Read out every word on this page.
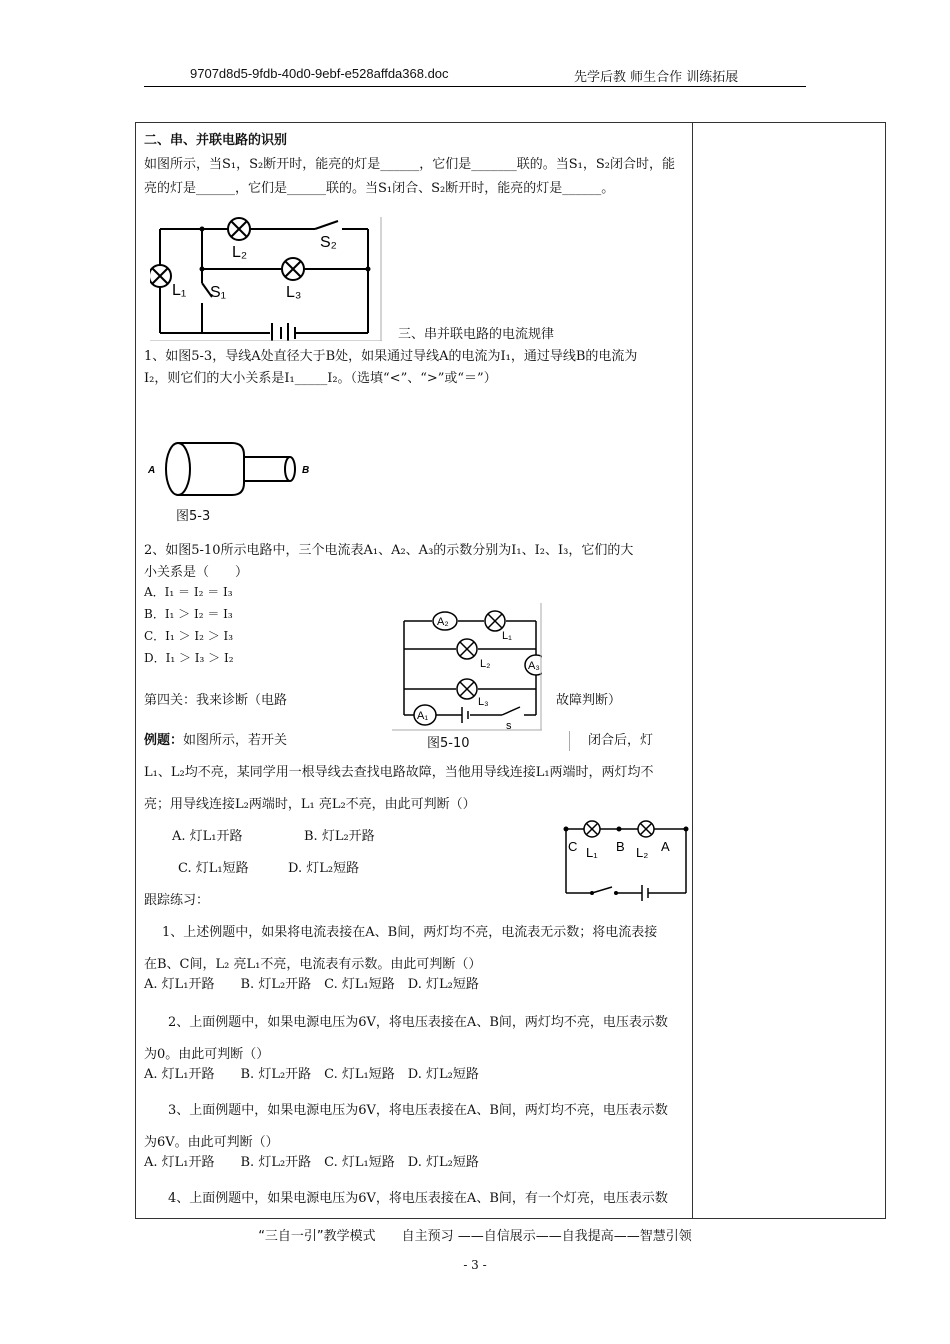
9707d8d5-9fdb-40d0-9ebf-e528affda368.doc	先学后教 师生合作 训练拓展
二、串、并联电路的识别
如图所示，当S₁，S₂断开时，能亮的灯是______，它们是_______联的。当S₁，S₂闭合时，能
亮的灯是______，它们是______联的。当S₁闭合、S₂断开时，能亮的灯是______。
L₂
S₂
L₃
L₁ S₁
三、串并联电路的电流规律
1、如图5-3，导线A处直径大于B处，如果通过导线A的电流为I₁，通过导线B的电流为
I₂，则它们的大小关系是I₁_____I₂。（选填“<”、“>”或“＝”）
A	B
图5-3
2、如图5-10所示电路中，三个电流表A₁、A₂、A₃的示数分别为I₁、I₂、I₃，它们的大
小关系是（　　）
A．I₁ ＝ I₂ ＝ I₃
B．I₁ ＞ I₂ ＝ I₃
C．I₁ ＞ I₂ ＞ I₃
D．I₁ ＞ I₃ ＞ I₂
A₂
L₁
L₂	A₃
L₃
A₁
s
图5-10
第四关：我来诊断（电路	故障判断）
例题：如图所示，若开关	闭合后，灯
L₁、L₂均不亮，某同学用一根导线去查找电路故障，当他用导线连接L₁两端时，两灯均不
亮；用导线连接L₂两端时，L₁ 亮L₂不亮，由此可判断（）
A. 灯L₁开路	B. 灯L₂开路
C. 灯L₁短路	D. 灯L₂短路
C L₁ B L₂ A
跟踪练习：
1、上述例题中，如果将电流表接在A、B间，两灯均不亮，电流表无示数；将电流表接
在B、C间，L₂ 亮L₁不亮，电流表有示数。由此可判断（）
A. 灯L₁开路　　B. 灯L₂开路　C. 灯L₁短路　D. 灯L₂短路
2、上面例题中，如果电源电压为6V，将电压表接在A、B间，两灯均不亮，电压表示数
为0。由此可判断（）
A. 灯L₁开路　　B. 灯L₂开路　C. 灯L₁短路　D. 灯L₂短路
3、上面例题中，如果电源电压为6V，将电压表接在A、B间，两灯均不亮，电压表示数
为6V。由此可判断（）
A. 灯L₁开路　　B. 灯L₂开路　C. 灯L₁短路　D. 灯L₂短路
4、上面例题中，如果电源电压为6V，将电压表接在A、B间，有一个灯亮，电压表示数
“三自一引”教学模式　　自主预习 ——自信展示——自我提高——智慧引领
- 3 -
